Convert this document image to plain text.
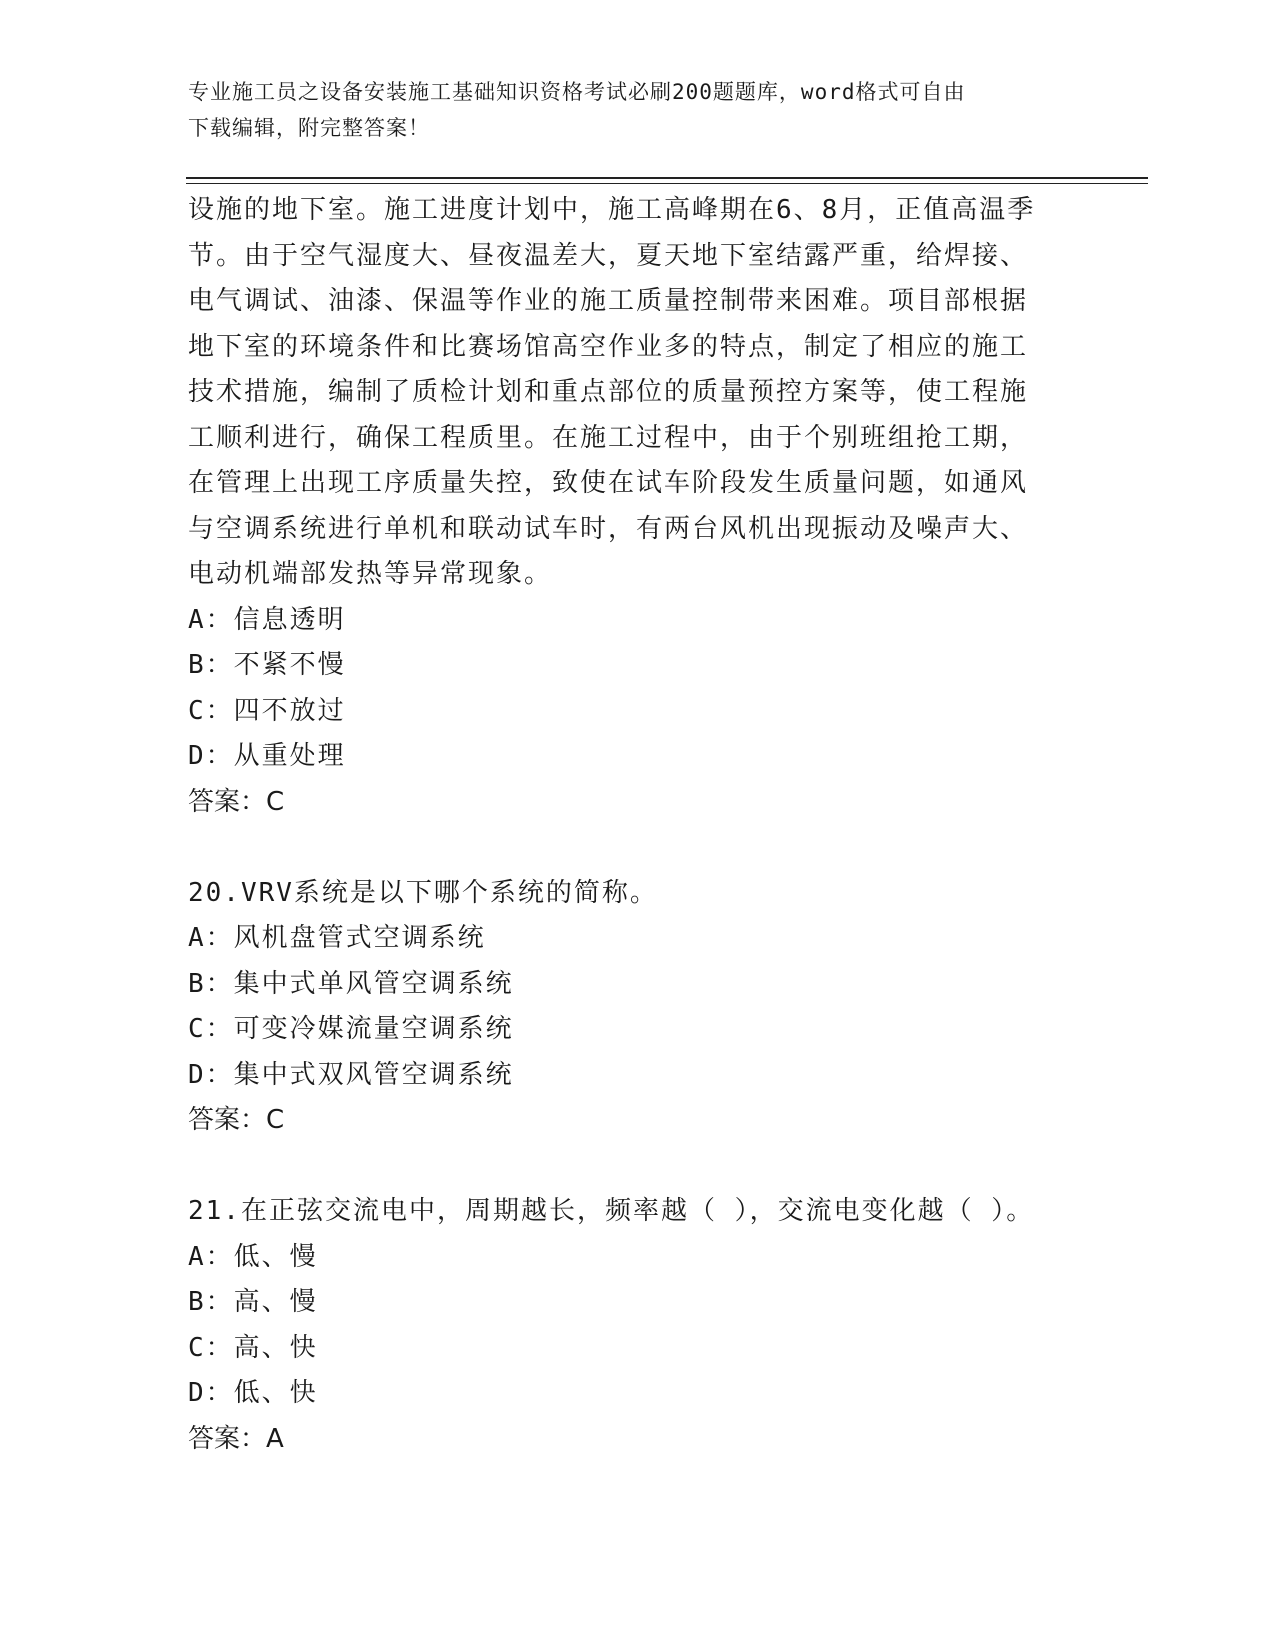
专业施工员之设备安装施工基础知识资格考试必刷200题题库，word格式可自由
下载编辑，附完整答案！
设施的地下室。施工进度计划中，施工高峰期在6、8月，正值高温季
节。由于空气湿度大、昼夜温差大，夏天地下室结露严重，给焊接、
电气调试、油漆、保温等作业的施工质量控制带来困难。项目部根据
地下室的环境条件和比赛场馆高空作业多的特点，制定了相应的施工
技术措施，编制了质检计划和重点部位的质量预控方案等，使工程施
工顺利进行，确保工程质里。在施工过程中，由于个别班组抢工期，
在管理上出现工序质量失控，致使在试车阶段发生质量问题，如通风
与空调系统进行单机和联动试车时，有两台风机出现振动及噪声大、
电动机端部发热等异常现象。
A：信息透明
B：不紧不慢
C：四不放过
D：从重处理
答案：C
20.VRV系统是以下哪个系统的简称。
A：风机盘管式空调系统
B：集中式单风管空调系统
C：可变冷媒流量空调系统
D：集中式双风管空调系统
答案：C
21.在正弦交流电中，周期越长，频率越（ ），交流电变化越（ ）。
A：低、慢
B：高、慢
C：高、快
D：低、快
答案：A
